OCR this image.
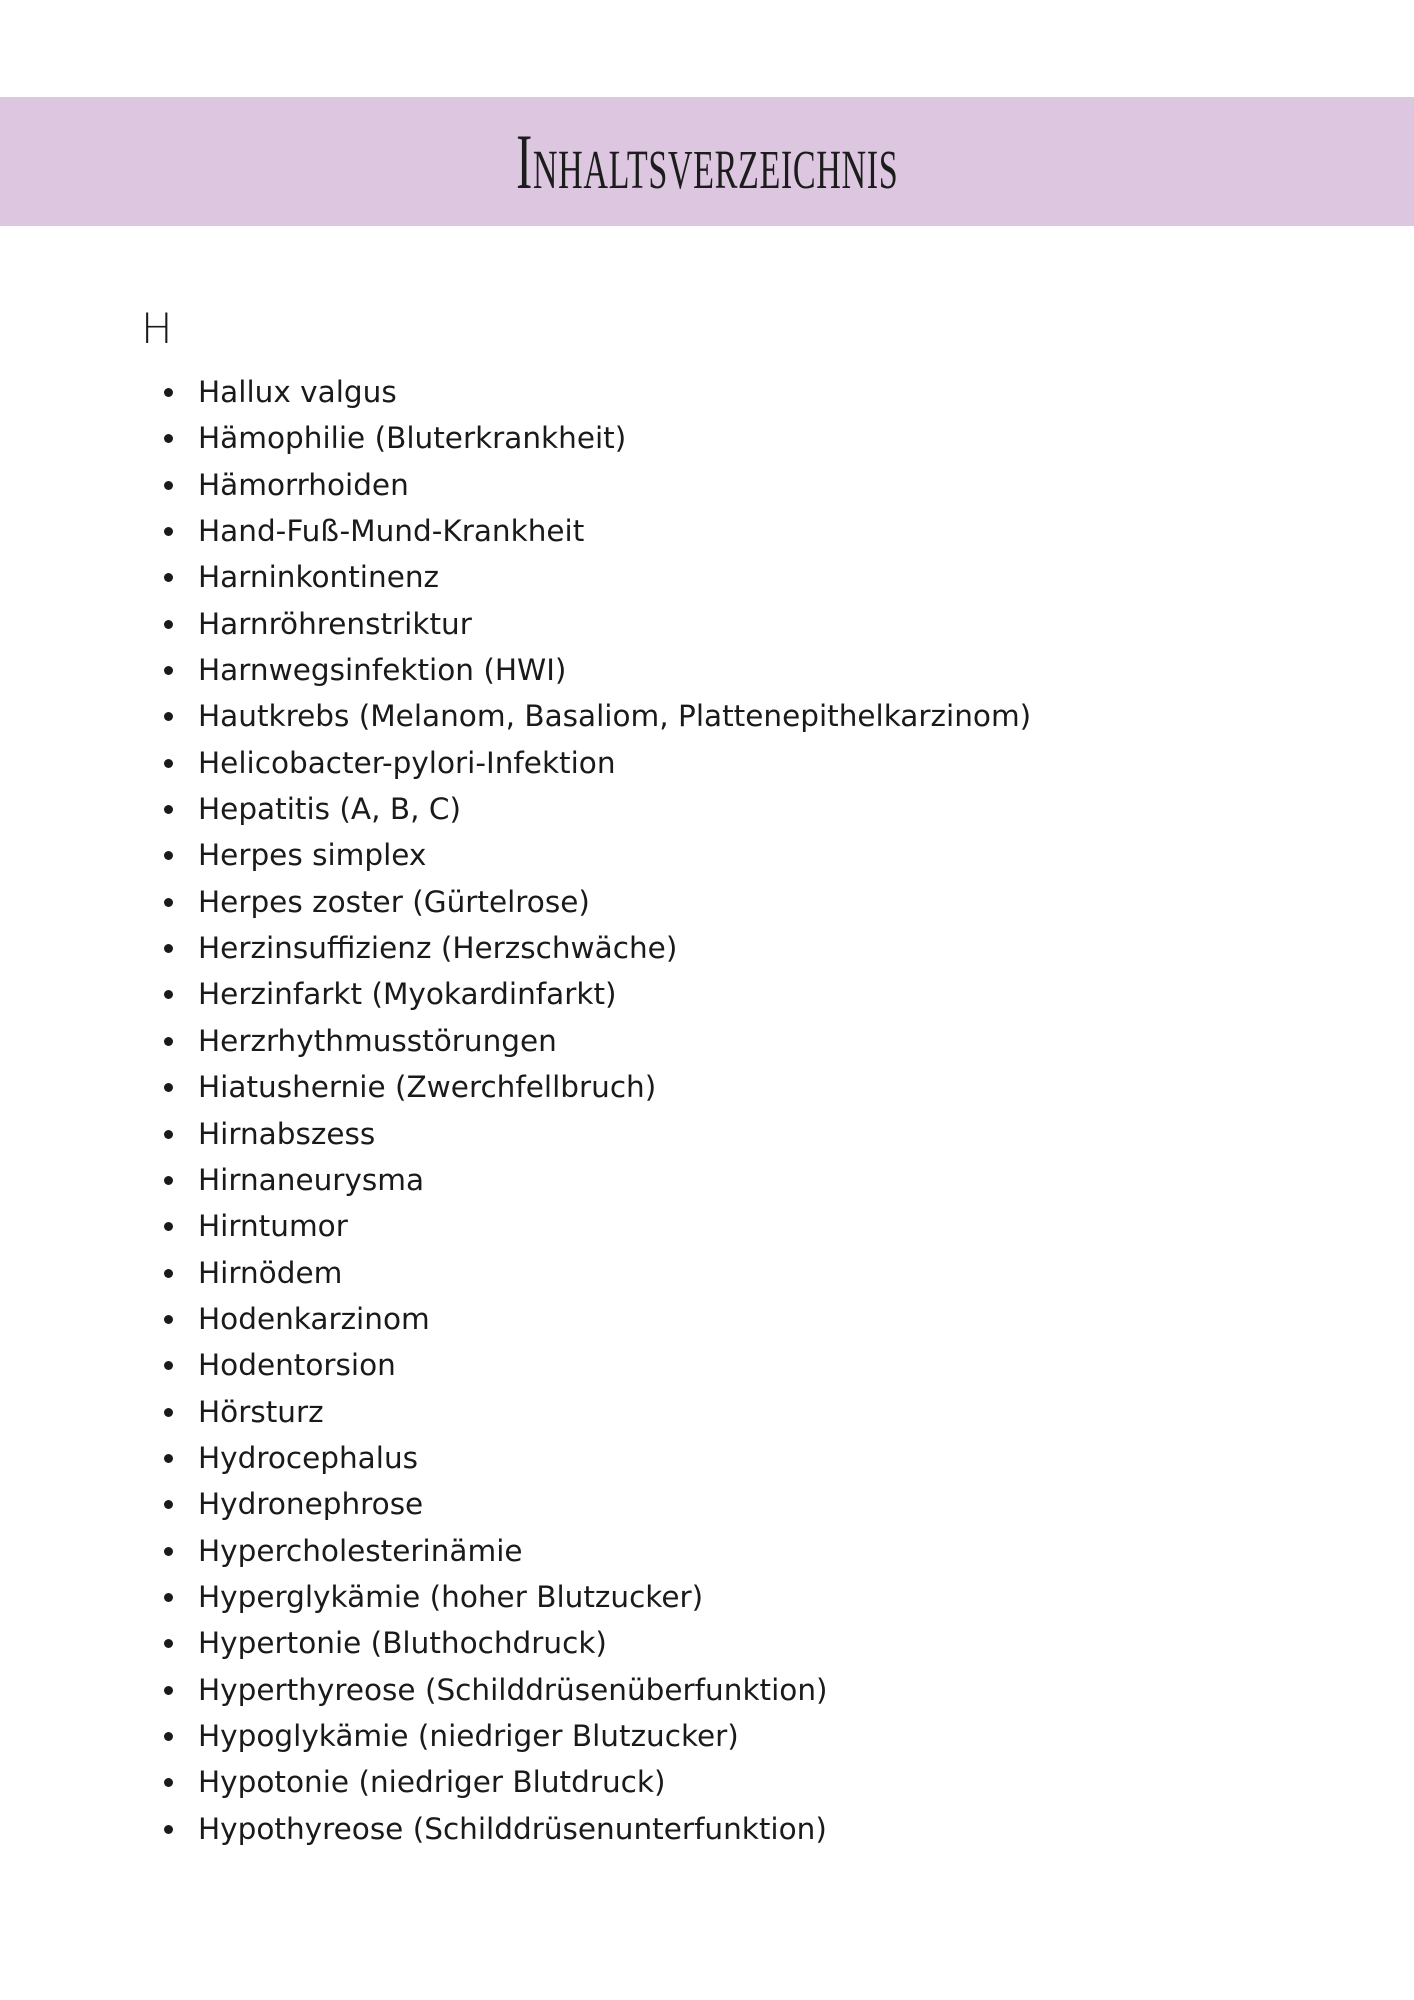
Inhaltsverzeichnis
H
Hallux valgus
Hämophilie (Bluterkrankheit)
Hämorrhoiden
Hand-Fuß-Mund-Krankheit
Harninkontinenz
Harnröhrenstriktur
Harnwegsinfektion (HWI)
Hautkrebs (Melanom, Basaliom, Plattenepithelkarzinom)
Helicobacter-pylori-Infektion
Hepatitis (A, B, C)
Herpes simplex
Herpes zoster (Gürtelrose)
Herzinsuffizienz (Herzschwäche)
Herzinfarkt (Myokardinfarkt)
Herzrhythmusstörungen
Hiatushernie (Zwerchfellbruch)
Hirnabszess
Hirnaneurysma
Hirntumor
Hirnödem
Hodenkarzinom
Hodentorsion
Hörsturz
Hydrocephalus
Hydronephrose
Hypercholesterinämie
Hyperglykämie (hoher Blutzucker)
Hypertonie (Bluthochdruck)
Hyperthyreose (Schilddrüsenüberfunktion)
Hypoglykämie (niedriger Blutzucker)
Hypotonie (niedriger Blutdruck)
Hypothyreose (Schilddrüsenunterfunktion)
